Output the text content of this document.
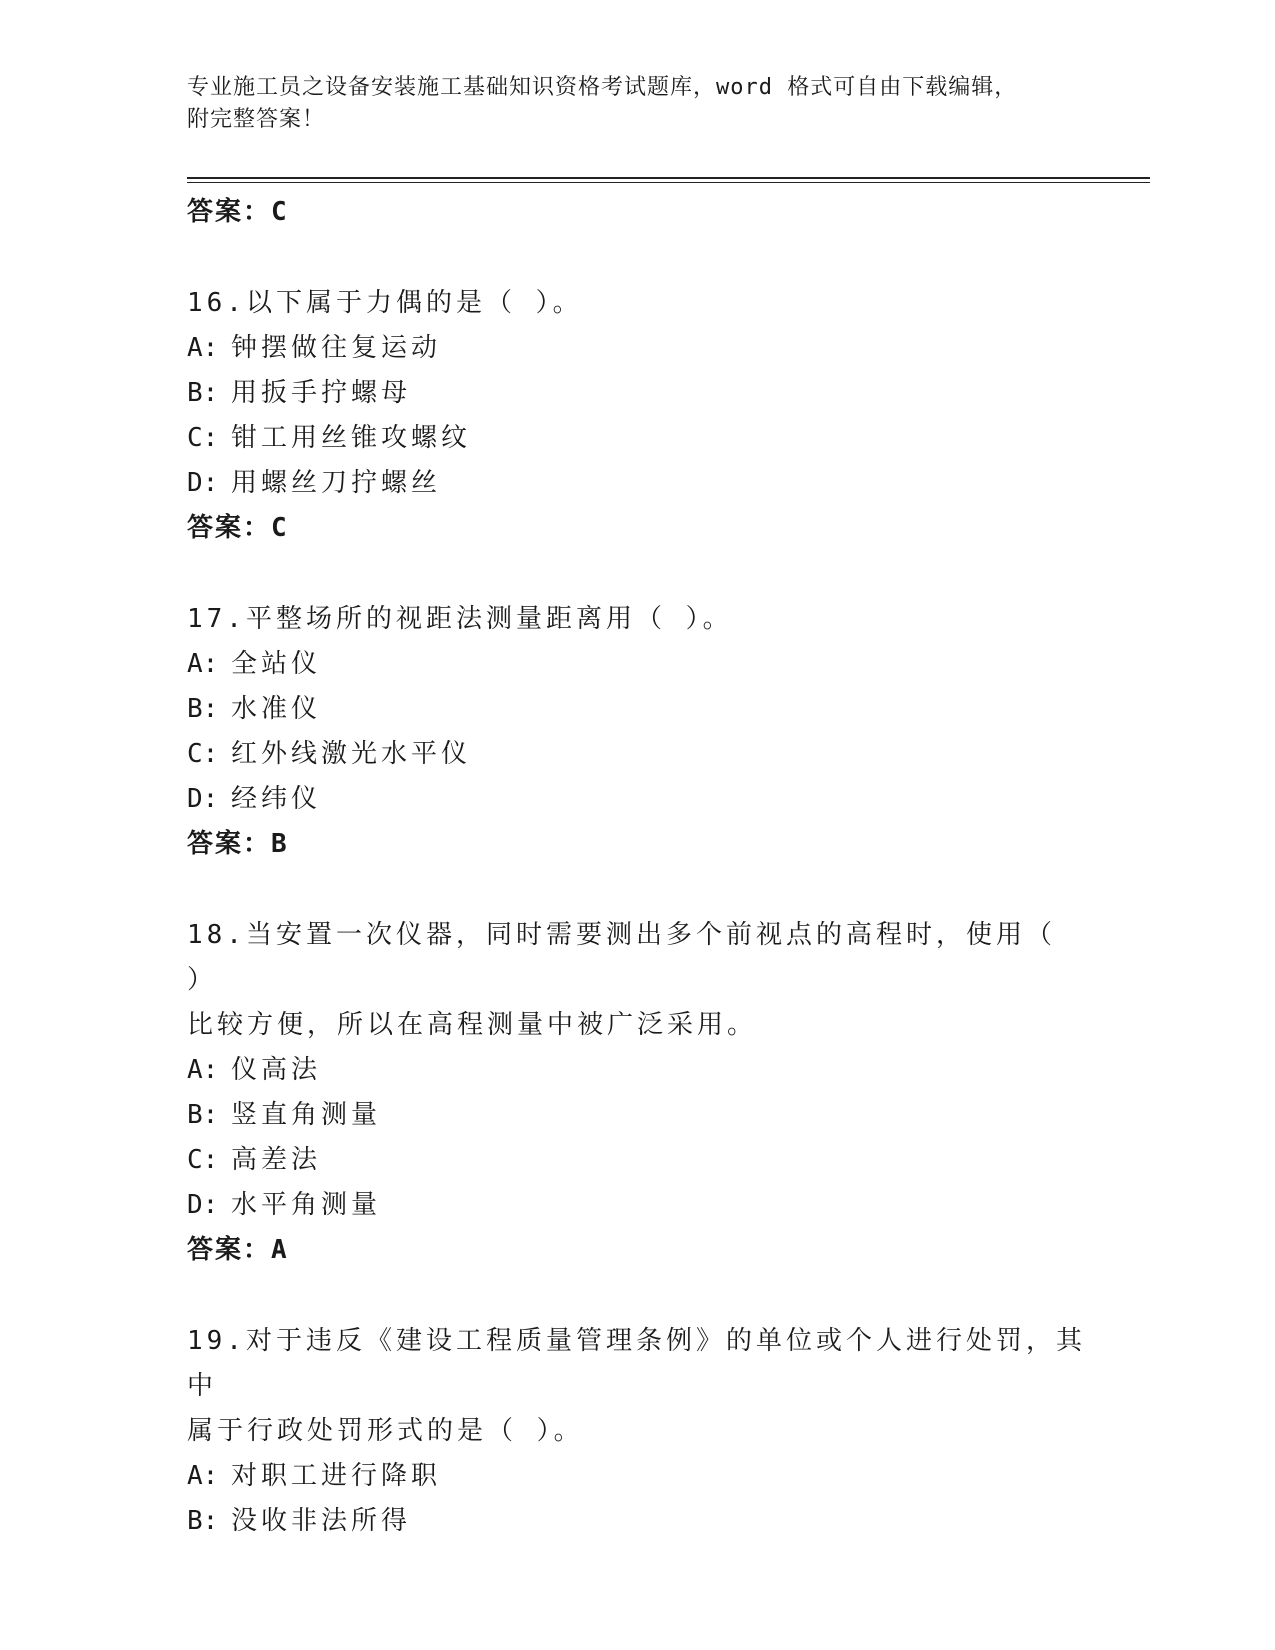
专业施工员之设备安装施工基础知识资格考试题库，word 格式可自由下载编辑，
附完整答案！
答案：C
16.以下属于力偶的是（ ）。
A: 钟摆做往复运动
B: 用扳手拧螺母
C: 钳工用丝锥攻螺纹
D: 用螺丝刀拧螺丝
答案：C
17.平整场所的视距法测量距离用（ ）。
A: 全站仪
B: 水准仪
C: 红外线激光水平仪
D: 经纬仪
答案：B
18.当安置一次仪器，同时需要测出多个前视点的高程时，使用（ ）
比较方便，所以在高程测量中被广泛采用。
A: 仪高法
B: 竖直角测量
C: 高差法
D: 水平角测量
答案：A
19.对于违反《建设工程质量管理条例》的单位或个人进行处罚，其中
属于行政处罚形式的是（ ）。
A: 对职工进行降职
B: 没收非法所得
